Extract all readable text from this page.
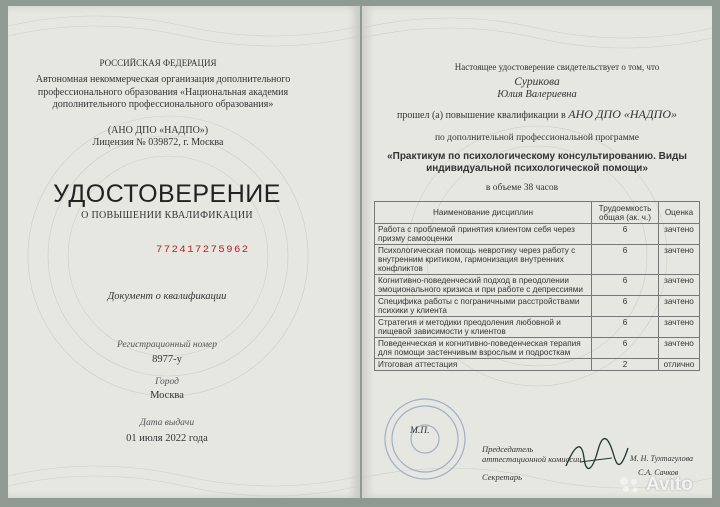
РОССИЙСКАЯ ФЕДЕРАЦИЯ
Автономная некоммерческая организация дополнительного профессионального образования «Национальная академия дополнительного профессионального образования»
(АНО ДПО «НАДПО»)
Лицензия № 039872, г. Москва
УДОСТОВЕРЕНИЕ
О ПОВЫШЕНИИ КВАЛИФИКАЦИИ
772417275962
Документ о квалификации
Регистрационный номер
8977-у
Город
Москва
Дата выдачи
01 июля 2022 года
Настоящее удостоверение свидетельствует о том, что
Сурикова
Юлия Валериевна
прошел (а) повышение квалификации в АНО ДПО «НАДПО»
по дополнительной профессиональной программе
«Практикум по психологическому консультированию. Виды индивидуальной психологической помощи»
в объеме 38 часов
Наименование дисциплин	Трудоемкость общая (ак. ч.)	Оценка
Работа с проблемой принятия клиентом себя через призму самооценки	6	зачтено
Психологическая помощь невротику через работу с внутренним критиком, гармонизация внутренних конфликтов	6	зачтено
Когнитивно-поведенческий подход в преодолении эмоционального кризиса и при работе с депрессиями	6	зачтено
Специфика работы с пограничными расстройствами психики у клиента	6	зачтено
Стратегия и методики преодоления любовной и пищевой зависимости у клиентов	6	зачтено
Поведенческая и когнитивно-поведенческая терапия для помощи застенчивым взрослым и подросткам	6	зачтено
Итоговая аттестация	2	отлично
М.П.
Председатель аттестационной комиссии	М. Н. Тухтагулова
Секретарь	С.А. Сачков
Avito
